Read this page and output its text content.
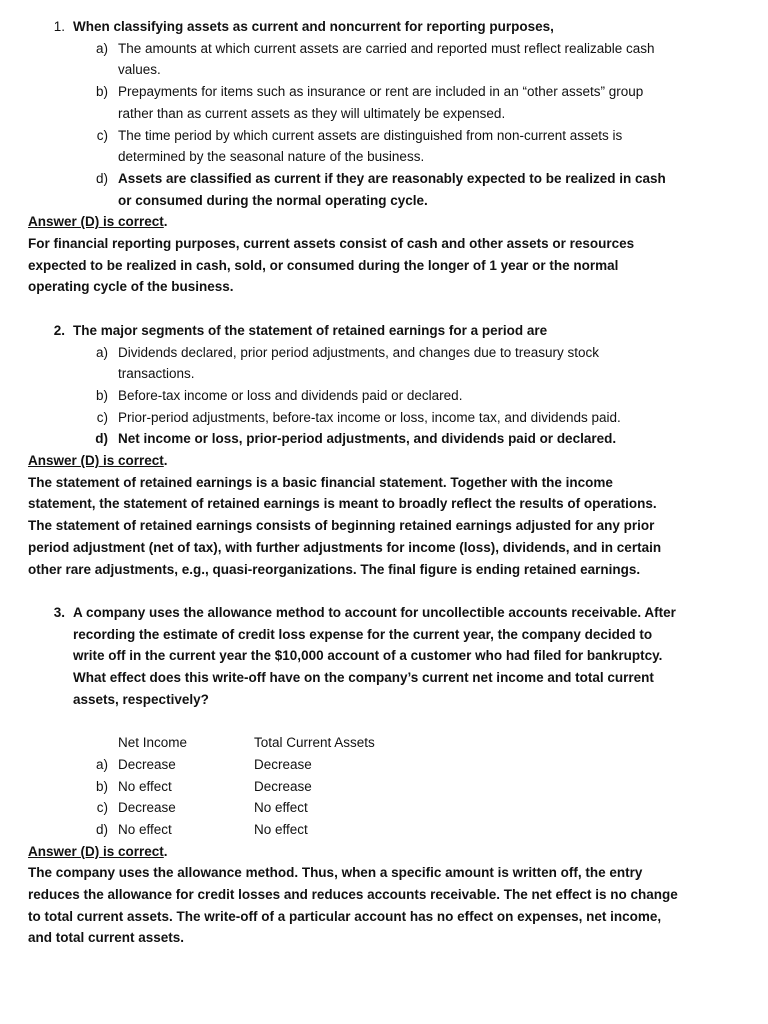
1. When classifying assets as current and noncurrent for reporting purposes,
a) The amounts at which current assets are carried and reported must reflect realizable cash values.
b) Prepayments for items such as insurance or rent are included in an “other assets” group rather than as current assets as they will ultimately be expensed.
c) The time period by which current assets are distinguished from non-current assets is determined by the seasonal nature of the business.
d) Assets are classified as current if they are reasonably expected to be realized in cash or consumed during the normal operating cycle.
Answer (D) is correct.
For financial reporting purposes, current assets consist of cash and other assets or resources expected to be realized in cash, sold, or consumed during the longer of 1 year or the normal operating cycle of the business.
2. The major segments of the statement of retained earnings for a period are
a) Dividends declared, prior period adjustments, and changes due to treasury stock transactions.
b) Before-tax income or loss and dividends paid or declared.
c) Prior-period adjustments, before-tax income or loss, income tax, and dividends paid.
d) Net income or loss, prior-period adjustments, and dividends paid or declared.
Answer (D) is correct.
The statement of retained earnings is a basic financial statement. Together with the income statement, the statement of retained earnings is meant to broadly reflect the results of operations. The statement of retained earnings consists of beginning retained earnings adjusted for any prior period adjustment (net of tax), with further adjustments for income (loss), dividends, and in certain other rare adjustments, e.g., quasi-reorganizations. The final figure is ending retained earnings.
3. A company uses the allowance method to account for uncollectible accounts receivable. After recording the estimate of credit loss expense for the current year, the company decided to write off in the current year the $10,000 account of a customer who had filed for bankruptcy. What effect does this write-off have on the company’s current net income and total current assets, respectively?
Net Income	Total Current Assets
a) Decrease	Decrease
b) No effect	Decrease
c) Decrease	No effect
d) No effect	No effect
Answer (D) is correct.
The company uses the allowance method. Thus, when a specific amount is written off, the entry reduces the allowance for credit losses and reduces accounts receivable. The net effect is no change to total current assets. The write-off of a particular account has no effect on expenses, net income, and total current assets.
